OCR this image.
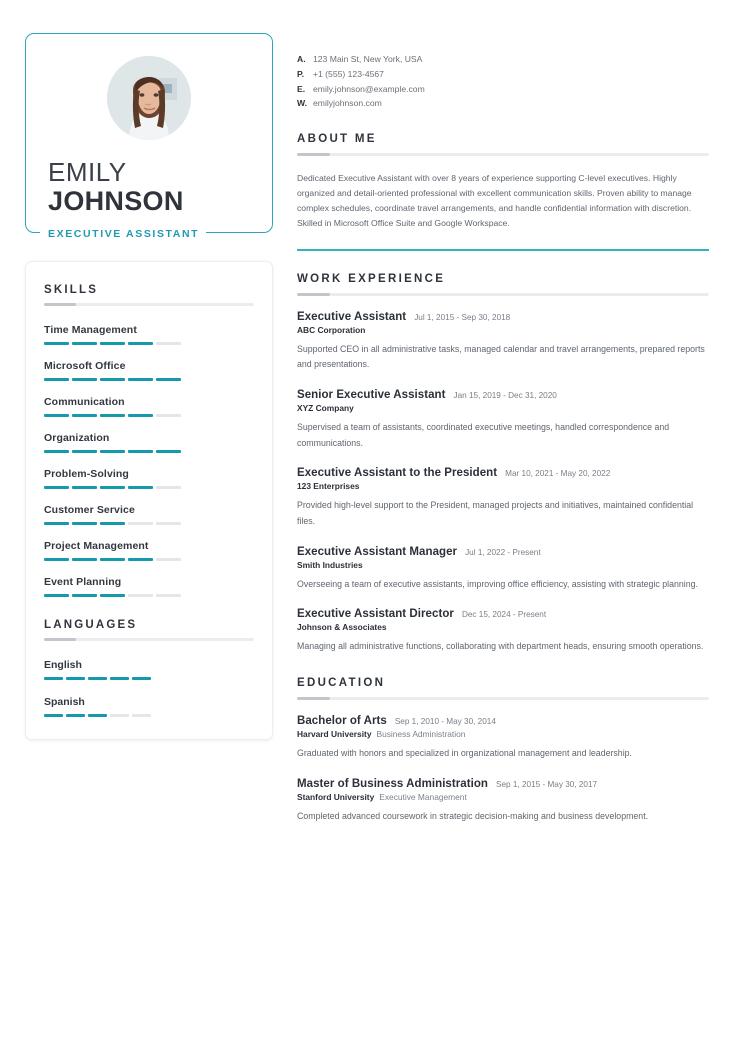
EMILY
JOHNSON
EXECUTIVE ASSISTANT
SKILLS
Time Management
Microsoft Office
Communication
Organization
Problem-Solving
Customer Service
Project Management
Event Planning
LANGUAGES
English
Spanish
A. 123 Main St, New York, USA
P.	+1 (555) 123-4567
E. emily.johnson@example.com
W. emilyjohnson.com
ABOUT ME
Dedicated Executive Assistant with over 8 years of experience supporting C-level executives. Highly organized and detail-oriented professional with excellent communication skills. Proven ability to manage complex schedules, coordinate travel arrangements, and handle confidential information with discretion. Skilled in Microsoft Office Suite and Google Workspace.
WORK EXPERIENCE
Executive Assistant Jul 1, 2015 - Sep 30, 2018
ABC Corporation
Supported CEO in all administrative tasks, managed calendar and travel arrangements, prepared reports and presentations.
Senior Executive Assistant Jan 15, 2019 - Dec 31, 2020
XYZ Company
Supervised a team of assistants, coordinated executive meetings, handled correspondence and communications.
Executive Assistant to the President Mar 10, 2021 - May 20, 2022
123 Enterprises
Provided high-level support to the President, managed projects and initiatives, maintained confidential files.
Executive Assistant Manager Jul 1, 2022 - Present
Smith Industries
Overseeing a team of executive assistants, improving office efficiency, assisting with strategic planning.
Executive Assistant Director Dec 15, 2024 - Present
Johnson & Associates
Managing all administrative functions, collaborating with department heads, ensuring smooth operations.
EDUCATION
Bachelor of Arts Sep 1, 2010 - May 30, 2014
Harvard University Business Administration
Graduated with honors and specialized in organizational management and leadership.
Master of Business Administration Sep 1, 2015 - May 30, 2017
Stanford University Executive Management
Completed advanced coursework in strategic decision-making and business development.
